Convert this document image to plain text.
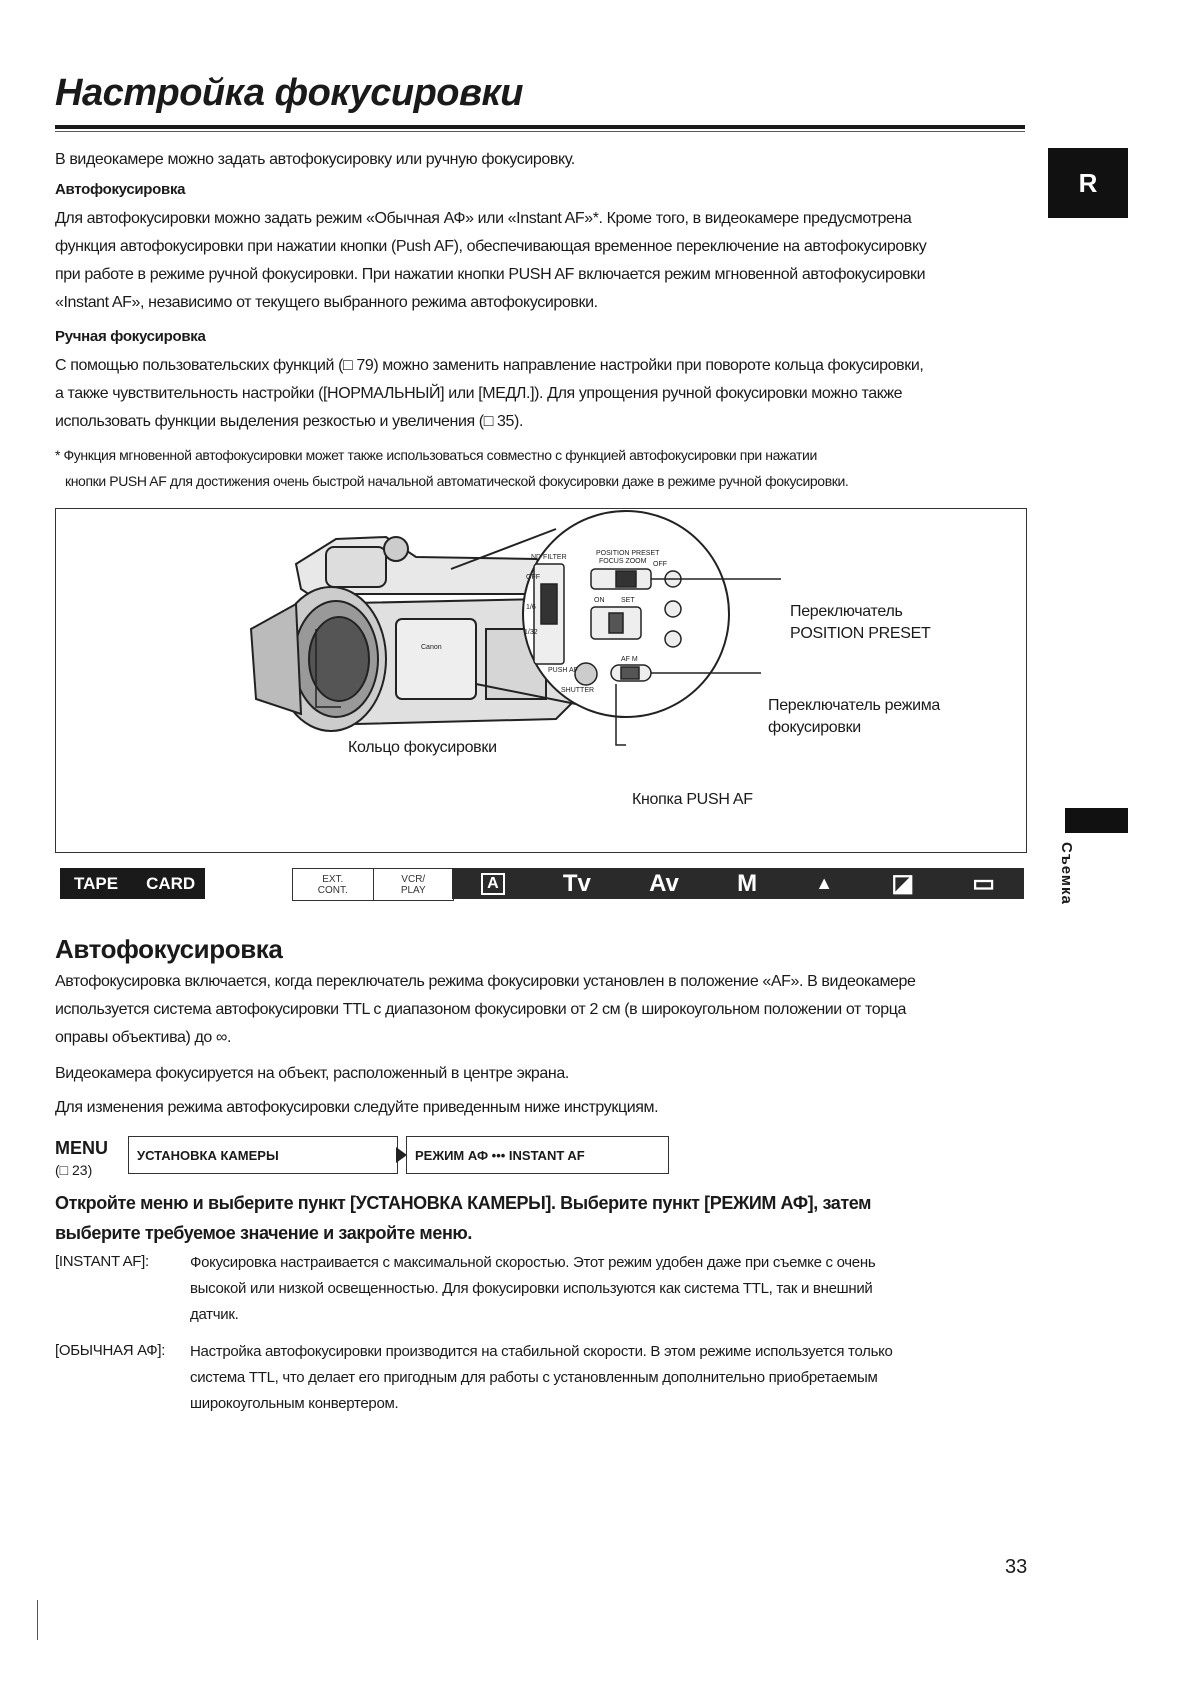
Настройка фокусировки
R
Съемка
В видеокамере можно задать автофокусировку или ручную фокусировку.
Автофокусировка
Для автофокусировки можно задать режим «Обычная АФ» или «Instant AF»*. Кроме того, в видеокамере предусмотрена
функция автофокусировки при нажатии кнопки (Push AF), обеспечивающая временное переключение на автофокусировку
при работе в режиме ручной фокусировки. При нажатии кнопки PUSH AF включается режим мгновенной автофокусировки
«Instant AF», независимо от текущего выбранного режима автофокусировки.
Ручная фокусировка
С помощью пользовательских функций (□ 79) можно заменить направление настройки при повороте кольца фокусировки,
а также чувствительность настройки ([НОРМАЛЬНЫЙ] или [МЕДЛ.]). Для упрощения ручной фокусировки можно также
использовать функции выделения резкостью и увеличения (□ 35).
* Функция мгновенной автофокусировки может также использоваться совместно с функцией автофокусировки при нажатии
кнопки PUSH AF для достижения очень быстрой начальной автоматической фокусировки даже в режиме ручной фокусировки.
POSITION PRESET
FOCUS ZOOM OFF
ON SET
ND FILTER
OFF
1/6
1/32
PUSH AF
SHUTTER
AF M
Canon
Переключатель
POSITION PRESET
Переключатель режима
фокусировки
Кольцо фокусировки
Кнопка PUSH AF
TAPE	CARD	EXT.
CONT.
VCR/
PLAY	A	Tv Av M	▲ ◪ ▭
Автофокусировка
Автофокусировка включается, когда переключатель режима фокусировки установлен в положение «AF». В видеокамере
используется система автофокусировки TTL с диапазоном фокусировки от 2 см (в широкоугольном положении от торца
оправы объектива) до ∞.
Видеокамера фокусируется на объект, расположенный в центре экрана.
Для изменения режима автофокусировки следуйте приведенным ниже инструкциям.
MENU
(□ 23)
УСТАНОВКА КАМЕРЫ	РЕЖИМ АФ ••• INSTANT AF
Откройте меню и выберите пункт [УСТАНОВКА КАМЕРЫ]. Выберите пункт [РЕЖИМ АФ], затем
выберите требуемое значение и закройте меню.
[INSTANT AF]:	Фокусировка настраивается с максимальной скоростью. Этот режим удобен даже при съемке с очень
высокой или низкой освещенностью. Для фокусировки используются как система TTL, так и внешний
датчик.
[ОБЫЧНАЯ АФ]: Настройка автофокусировки производится на стабильной скорости. В этом режиме используется только
система TTL, что делает его пригодным для работы с установленным дополнительно приобретаемым
широкоугольным конвертером.
33
